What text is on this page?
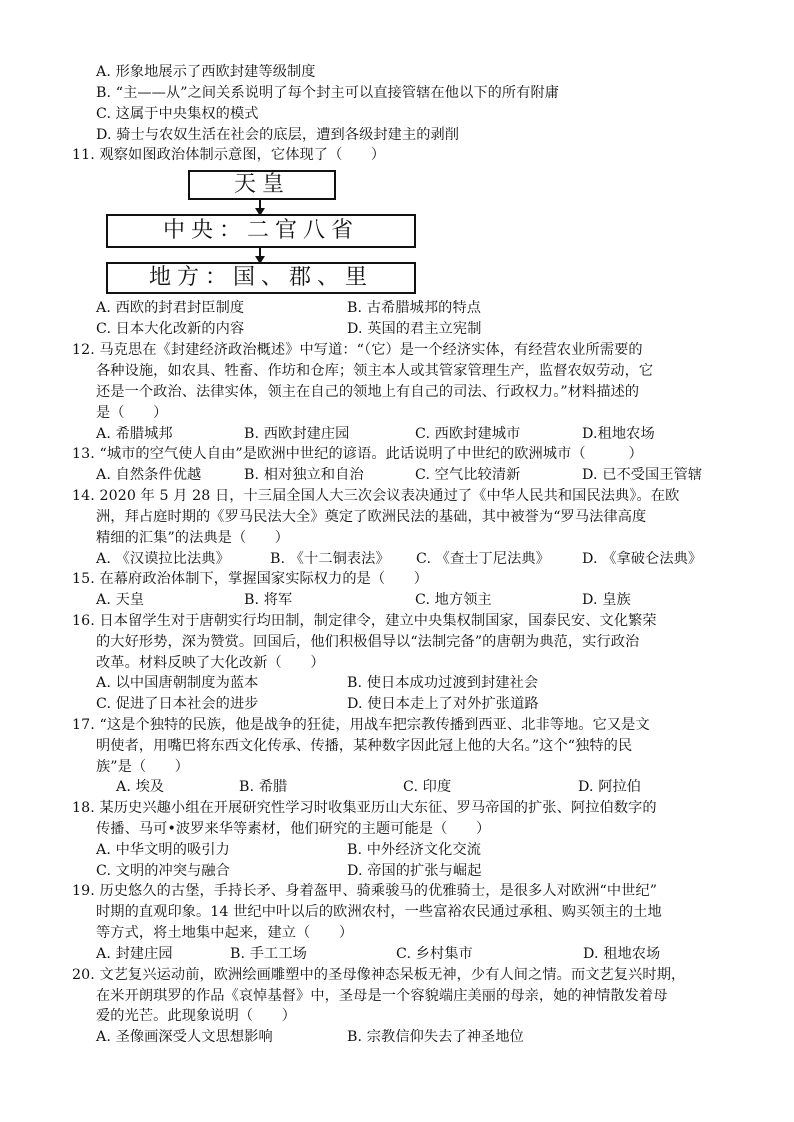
A. 形象地展示了西欧封建等级制度
B. “主——从”之间关系说明了每个封主可以直接管辖在他以下的所有附庸
C. 这属于中央集权的模式
D. 骑士与农奴生活在社会的底层，遭到各级封建主的剥削
11. 观察如图政治体制示意图，它体现了（　　）
天皇
中央：二官八省
地方：国、郡、里
A. 西欧的封君封臣制度	B. 古希腊城邦的特点
C. 日本大化改新的内容	D. 英国的君主立宪制
12. 马克思在《封建经济政治概述》中写道：“（它）是一个经济实体，有经营农业所需要的
各种设施，如农具、牲畜、作坊和仓库；领主本人或其管家管理生产，监督农奴劳动，它
还是一个政治、法律实体，领主在自己的领地上有自己的司法、行政权力。”材料描述的
是（　　）
A. 希腊城邦	B. 西欧封建庄园	C. 西欧封建城市	D.租地农场
13. “城市的空气使人自由”是欧洲中世纪的谚语。此话说明了中世纪的欧洲城市（　　　）
A. 自然条件优越	B. 相对独立和自治	C. 空气比较清新	D. 已不受国王管辖
14. 2020 年 5 月 28 日，十三届全国人大三次会议表决通过了《中华人民共和国民法典》。在欧
洲，拜占庭时期的《罗马民法大全》奠定了欧洲民法的基础，其中被誉为“罗马法律高度
精细的汇集”的法典是（　　）
A. 《汉谟拉比法典》	B. 《十二铜表法》 C. 《查士丁尼法典》 D. 《拿破仑法典》
15. 在幕府政治体制下，掌握国家实际权力的是（　　）
A. 天皇	B. 将军	C. 地方领主	D. 皇族
16. 日本留学生对于唐朝实行均田制，制定律令，建立中央集权制国家，国泰民安、文化繁荣
的大好形势，深为赞赏。回国后，他们积极倡导以“法制完备”的唐朝为典范，实行政治
改革。材料反映了大化改新（　　）
A. 以中国唐朝制度为蓝本	B. 使日本成功过渡到封建社会
C. 促进了日本社会的进步	D. 使日本走上了对外扩张道路
17. “这是个独特的民族，他是战争的狂徒，用战车把宗教传播到西亚、北非等地。它又是文
明使者，用嘴巴将东西文化传承、传播，某种数字因此冠上他的大名。”这个“独特的民
族”是（　　）
A. 埃及	B. 希腊	C. 印度	D. 阿拉伯
18. 某历史兴趣小组在开展研究性学习时收集亚历山大东征、罗马帝国的扩张、阿拉伯数字的
传播、马可•波罗来华等素材，他们研究的主题可能是（　　）
A. 中华文明的吸引力	B. 中外经济文化交流
C. 文明的冲突与融合	D. 帝国的扩张与崛起
19. 历史悠久的古堡，手持长矛、身着盔甲、骑乘骏马的优雅骑士，是很多人对欧洲“中世纪”
时期的直观印象。14 世纪中叶以后的欧洲农村，一些富裕农民通过承租、购买领主的土地
等方式，将土地集中起来，建立（　　）
A. 封建庄园	B. 手工工场	C. 乡村集市	D. 租地农场
20. 文艺复兴运动前，欧洲绘画雕塑中的圣母像神态呆板无神，少有人间之情。而文艺复兴时期，
在米开朗琪罗的作品《哀悼基督》中，圣母是一个容貌端庄美丽的母亲，她的神情散发着母
爱的光芒。此现象说明（　　）
A. 圣像画深受人文思想影响	B. 宗教信仰失去了神圣地位
